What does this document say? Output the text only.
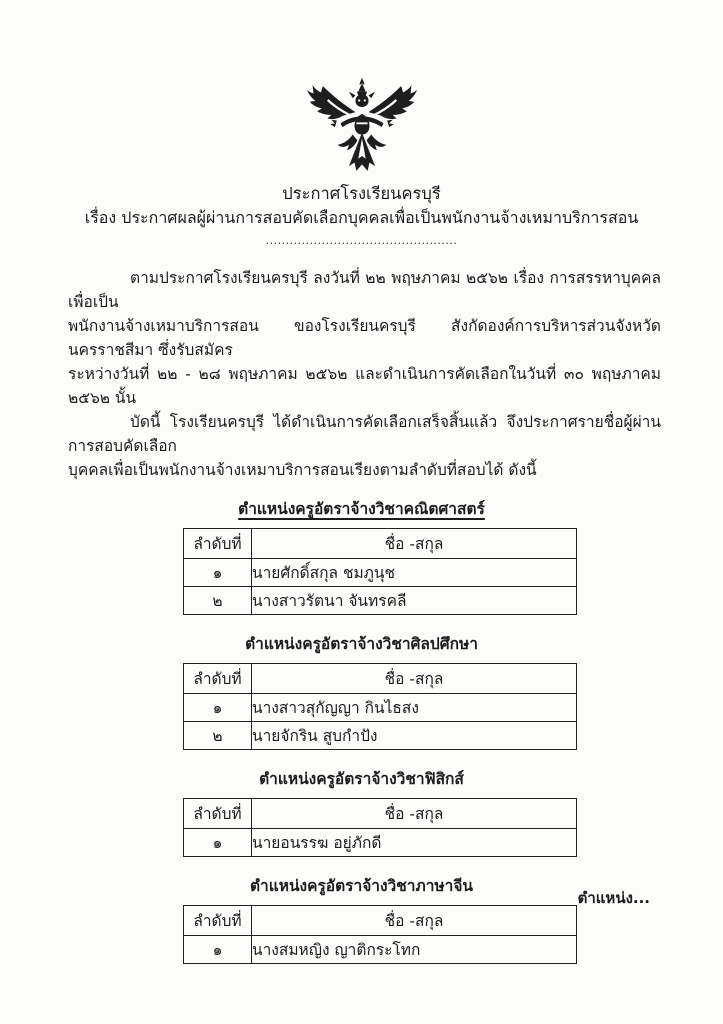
ประกาศโรงเรียนครบุรี

เรื่อง ประกาศผลผู้ผ่านการสอบคัดเลือกบุคคลเพื่อเป็นพนักงานจ้างเหมาบริการสอน

................................................
ตามประกาศโรงเรียนครบุรี ลงวันที่ ๒๒ พฤษภาคม ๒๕๖๒ เรื่อง การสรรหาบุคคลเพื่อเป็น
พนักงานจ้างเหมาบริการสอน ของโรงเรียนครบุรี สังกัดองค์การบริหารส่วนจังหวัดนครราชสีมา ซึ่งรับสมัคร
ระหว่างวันที่ ๒๒ - ๒๘ พฤษภาคม ๒๕๖๒ และดำเนินการคัดเลือกในวันที่ ๓๐ พฤษภาคม ๒๕๖๒ นั้น
บัดนี้ โรงเรียนครบุรี ได้ดำเนินการคัดเลือกเสร็จสิ้นแล้ว จึงประกาศรายชื่อผู้ผ่านการสอบคัดเลือก
บุคคลเพื่อเป็นพนักงานจ้างเหมาบริการสอนเรียงตามลำดับที่สอบได้ ดังนี้
ตำแหน่งครูอัตราจ้างวิชาคณิตศาสตร์
ลำดับที่	ชื่อ -สกุล
๑	นายศักดิ์สกุล ชมภูนุช
๒	นางสาวรัตนา จันทรคลี
ตำแหน่งครูอัตราจ้างวิชาศิลปศึกษา
ลำดับที่	ชื่อ -สกุล
๑	นางสาวสุกัญญา กินไธสง
๒	นายจักริน สูบกำปัง
ตำแหน่งครูอัตราจ้างวิชาฟิสิกส์
ลำดับที่	ชื่อ -สกุล
๑	นายอนรรฆ อยู่ภักดี
ตำแหน่งครูอัตราจ้างวิชาภาษาจีน
ลำดับที่	ชื่อ -สกุล
๑	นางสมหญิง ญาติกระโทก
ตำแหน่ง...
